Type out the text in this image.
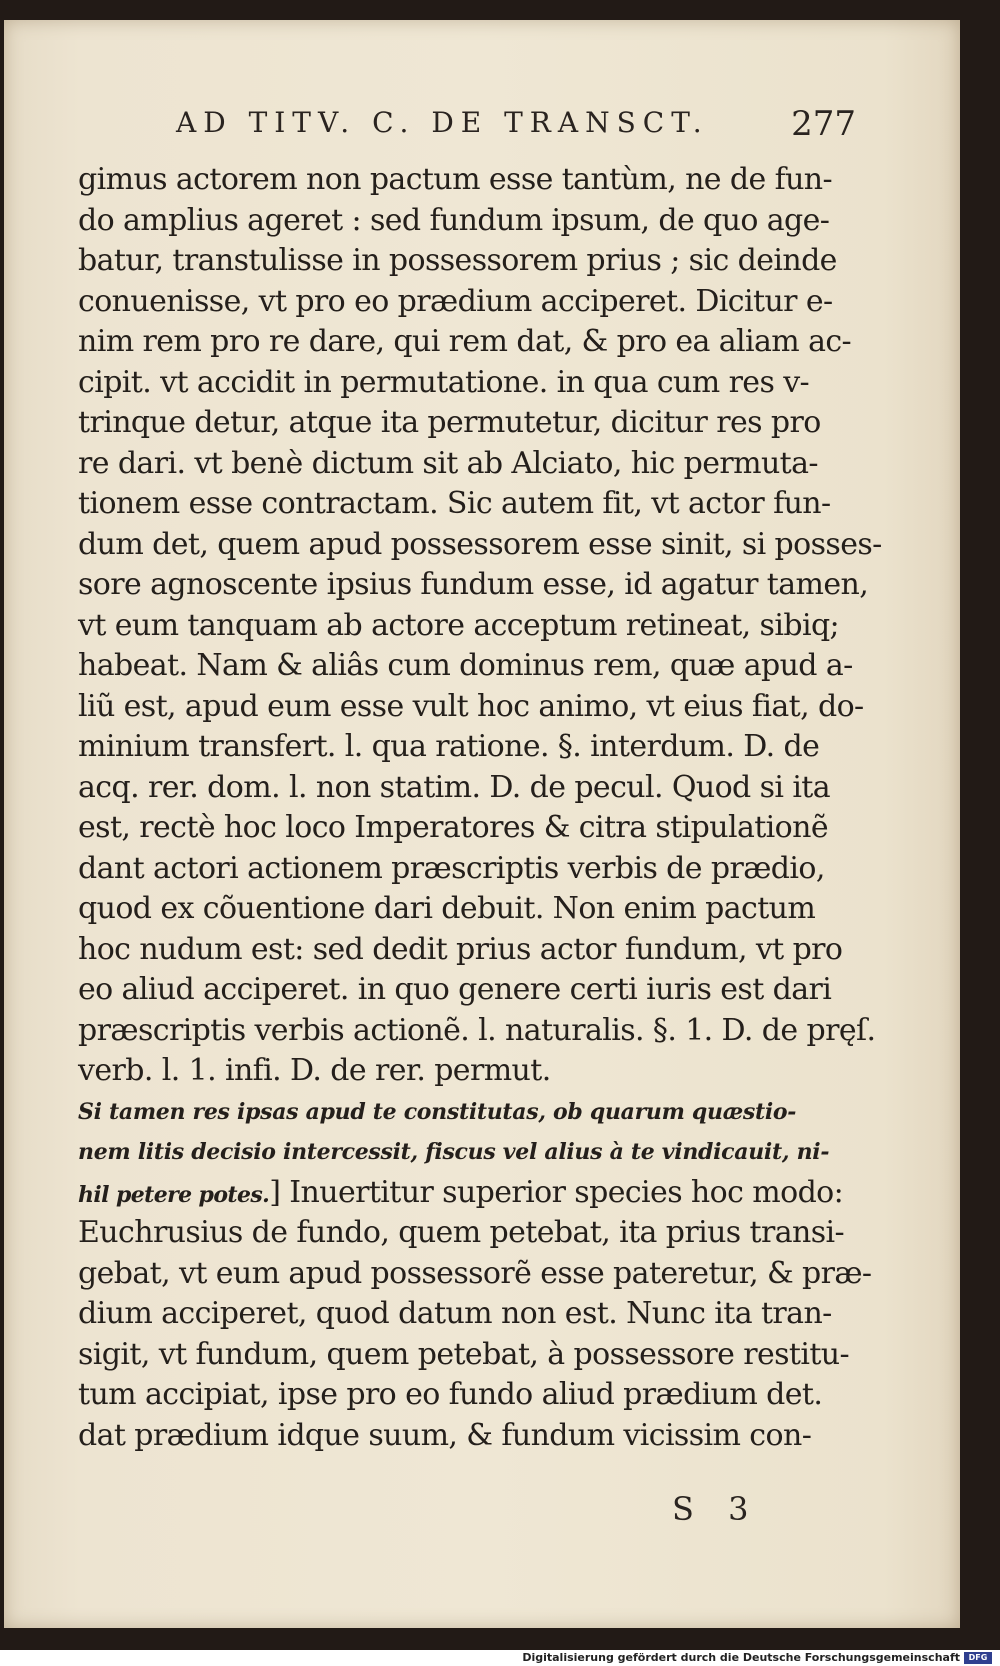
AD TITV. C. DE TRANSCT. 277
gimus actorem non pactum esse tantùm, ne de fun-
do amplius ageret : sed fundum ipsum, de quo age-
batur, transtulisse in possessorem prius ; sic deinde
conuenisse, vt pro eo prædium acciperet. Dicitur e-
nim rem pro re dare, qui rem dat, & pro ea aliam ac-
cipit. vt accidit in permutatione. in qua cum res v-
trinque detur, atque ita permutetur, dicitur res pro
re dari. vt benè dictum sit ab Alciato, hic permuta-
tionem esse contractam. Sic autem fit, vt actor fun-
dum det, quem apud possessorem esse sinit, si posses-
sore agnoscente ipsius fundum esse, id agatur tamen,
vt eum tanquam ab actore acceptum retineat, sibiq;
habeat. Nam & aliâs cum dominus rem, quæ apud a-
liũ est, apud eum esse vult hoc animo, vt eius fiat, do-
minium transfert. l. qua ratione. §. interdum. D. de
acq. rer. dom. l. non statim. D. de pecul. Quod si ita
est, rectè hoc loco Imperatores & citra stipulationẽ
dant actori actionem præscriptis verbis de prædio,
quod ex cõuentione dari debuit. Non enim pactum
hoc nudum est: sed dedit prius actor fundum, vt pro
eo aliud acciperet. in quo genere certi iuris est dari
præscriptis verbis actionẽ. l. naturalis. §. 1. D. de pręſ.
verb. l. 1. infi. D. de rer. permut.
Si tamen res ipsas apud te constitutas, ob quarum quæstio-
nem litis decisio intercessit, fiscus vel alius à te vindicauit, ni-
hil petere potes.] Inuertitur superior species hoc modo:
Euchrusius de fundo, quem petebat, ita prius transi-
gebat, vt eum apud possessorẽ esse pateretur, & præ-
dium acciperet, quod datum non est. Nunc ita tran-
sigit, vt fundum, quem petebat, à possessore restitu-
tum accipiat, ipse pro eo fundo aliud prædium det.
dat prædium idque suum, & fundum vicissim con-
S 3
Digitalisierung gefördert durch die Deutsche Forschungsgemeinschaft	DFG
